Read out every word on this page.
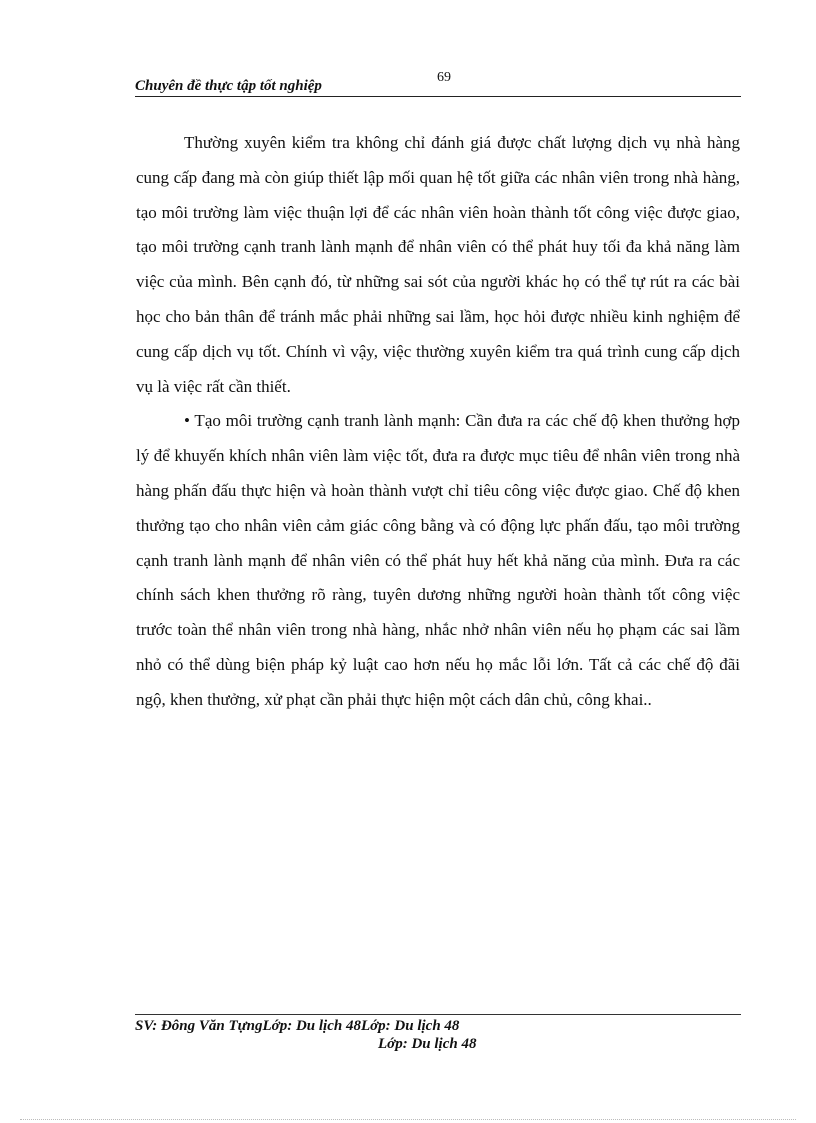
Chuyên đề thực tập tốt nghiệp
69

Thường xuyên kiểm tra không chỉ đánh giá được chất lượng dịch vụ nhà hàng cung cấp đang mà còn giúp thiết lập mối quan hệ tốt giữa các nhân viên trong nhà hàng, tạo môi trường làm việc thuận lợi để các nhân viên hoàn thành tốt công việc được giao, tạo môi trường cạnh tranh lành mạnh để nhân viên có thể phát huy tối đa khả năng làm việc của mình. Bên cạnh đó, từ những sai sót của người khác họ có thể tự rút ra các bài học cho bản thân để tránh mắc phải những sai lầm, học hỏi được nhiều kinh nghiệm để cung cấp dịch vụ tốt. Chính vì vậy, việc thường xuyên kiểm tra quá trình cung cấp dịch vụ là việc rất cần thiết.

• Tạo môi trường cạnh tranh lành mạnh: Cần đưa ra các chế độ khen thưởng hợp lý để khuyến khích nhân viên làm việc tốt, đưa ra được mục tiêu để nhân viên trong nhà hàng phấn đấu thực hiện và hoàn thành vượt chỉ tiêu công việc được giao. Chế độ khen thưởng tạo cho nhân viên cảm giác công bằng và có động lực phấn đấu, tạo môi trường cạnh tranh lành mạnh để nhân viên có thể phát huy hết khả năng của mình. Đưa ra các chính sách khen thưởng rõ ràng, tuyên dương những người hoàn thành tốt công việc trước toàn thể nhân viên trong nhà hàng, nhắc nhở nhân viên nếu họ phạm các sai lầm nhỏ có thể dùng biện pháp kỷ luật cao hơn nếu họ mắc lỗi lớn. Tất cả các chế độ đãi ngộ, khen thưởng, xử phạt cần phải thực hiện một cách dân chủ, công khai..

SV: Đông Văn TựngLớp: Du lịch 48Lớp: Du lịch 48
Lớp: Du lịch 48
